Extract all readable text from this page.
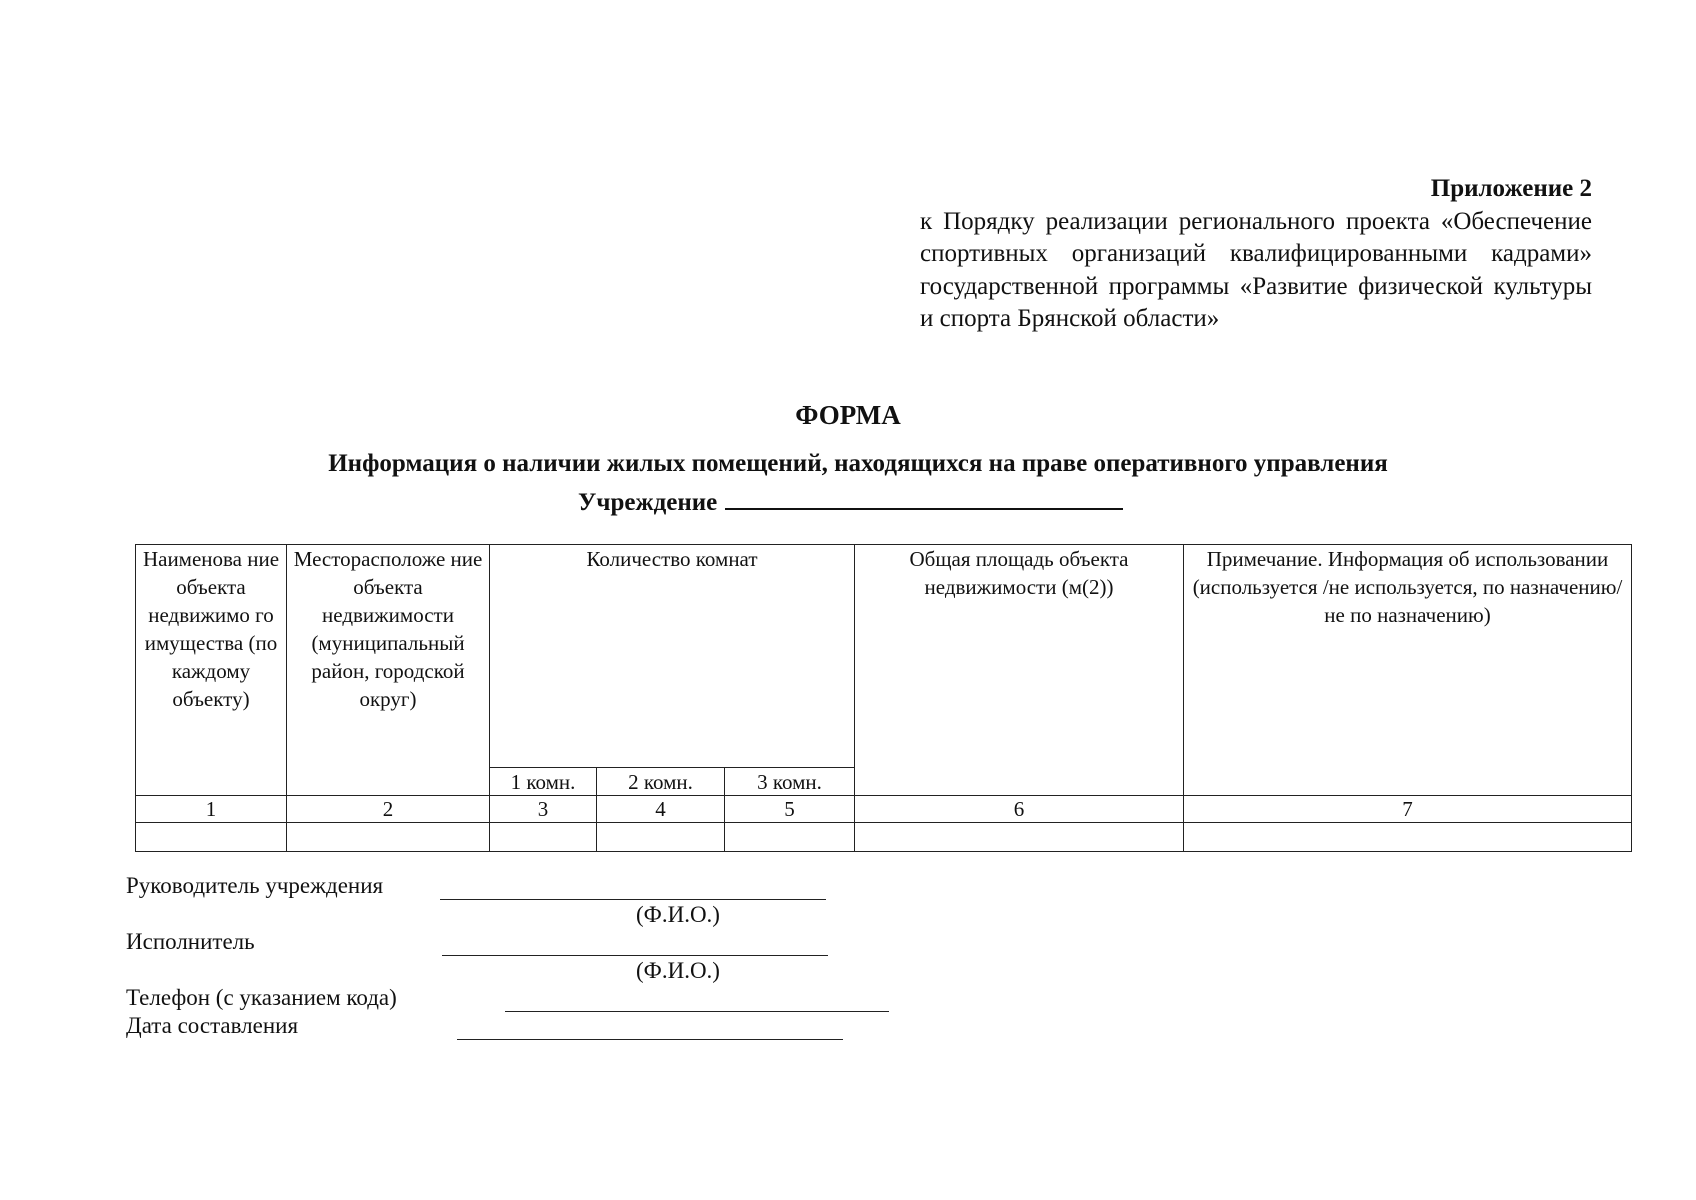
Приложение 2
к Порядку реализации регионального проекта «Обеспечение спортивных организаций квалифицированными кадрами» государственной программы «Развитие физической культуры и спорта Брянской области»
ФОРМА
Информация о наличии жилых помещений, находящихся на праве оперативного управления
Учреждение
Наименова ние объекта недвижимо го имущества (по каждому объекту)	Месторасположе ние объекта недвижимости (муниципальный район, городской округ)	Количество комнат			Общая площадь объекта недвижимости (м(2))	Примечание. Информация об использовании (используется /не используется, по назначению/не по назначению)
		1 комн.	2 комн.	3 комн.		
1	2	3	4	5	6	7

Руководитель учреждения
(Ф.И.О.)
Исполнитель
(Ф.И.О.)
Телефон (с указанием кода)
Дата составления
